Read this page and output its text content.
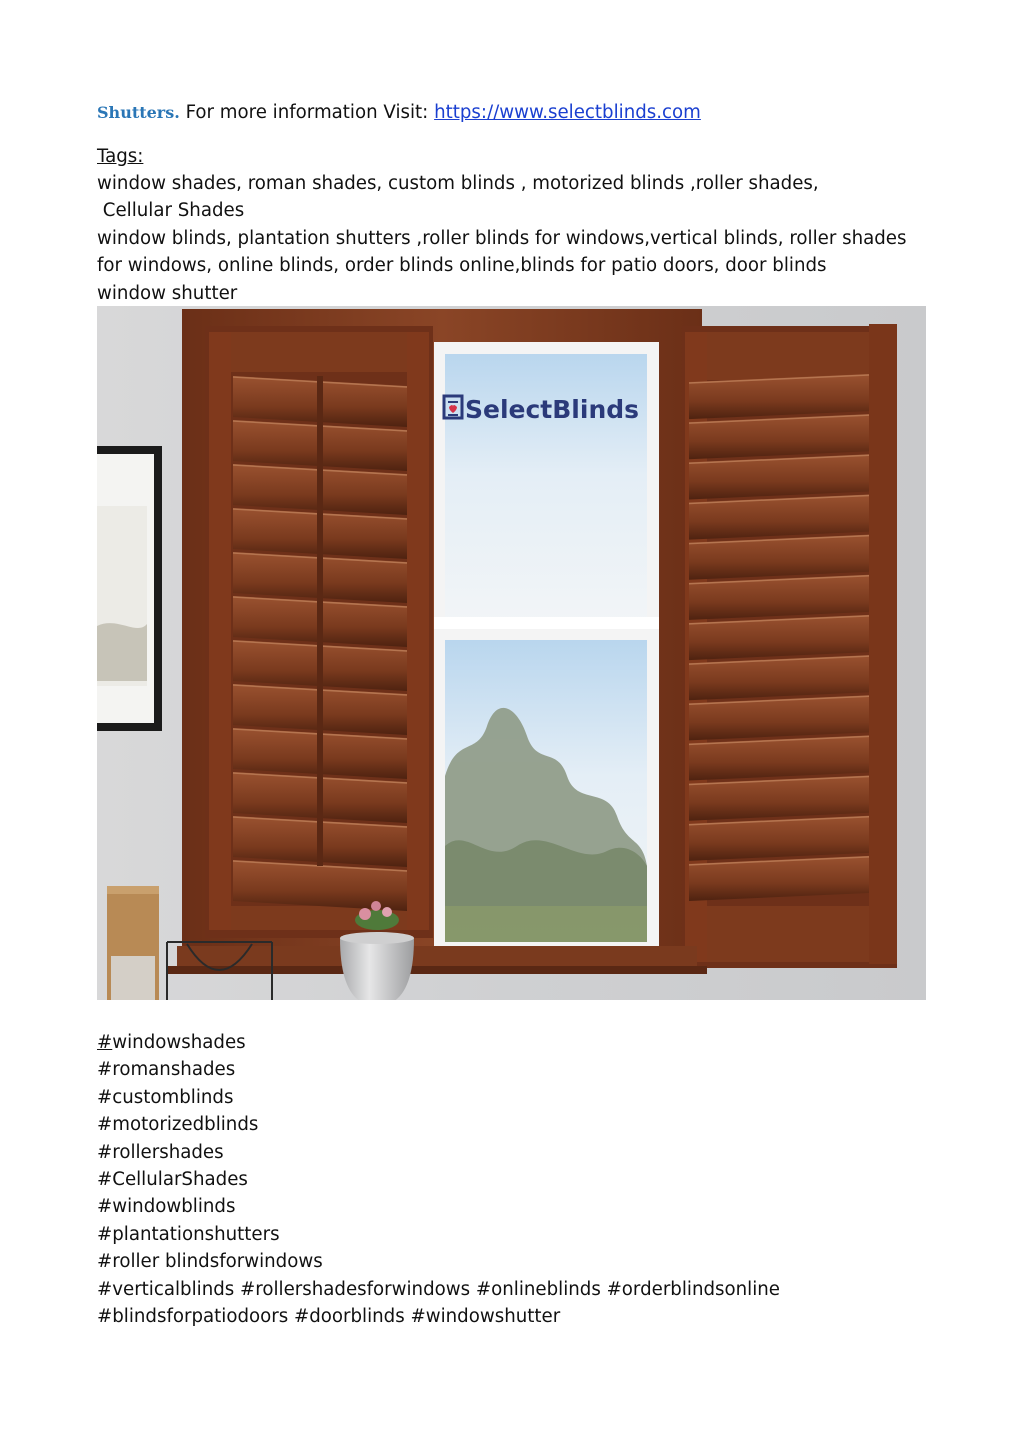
Shutters. For more information Visit: https://www.selectblinds.com
Tags:
window shades, roman shades, custom blinds , motorized blinds ,roller shades,
Cellular Shades
window blinds, plantation shutters ,roller blinds for windows,vertical blinds, roller shades
for windows, online blinds, order blinds online,blinds for patio doors, door blinds
window shutter
SelectBlinds
#windowshades
#romanshades
#customblinds
#motorizedblinds
#rollershades
#CellularShades
#windowblinds
#plantationshutters
#roller blindsforwindows
#verticalblinds #rollershadesforwindows #onlineblinds #orderblindsonline
#blindsforpatiodoors #doorblinds #windowshutter
